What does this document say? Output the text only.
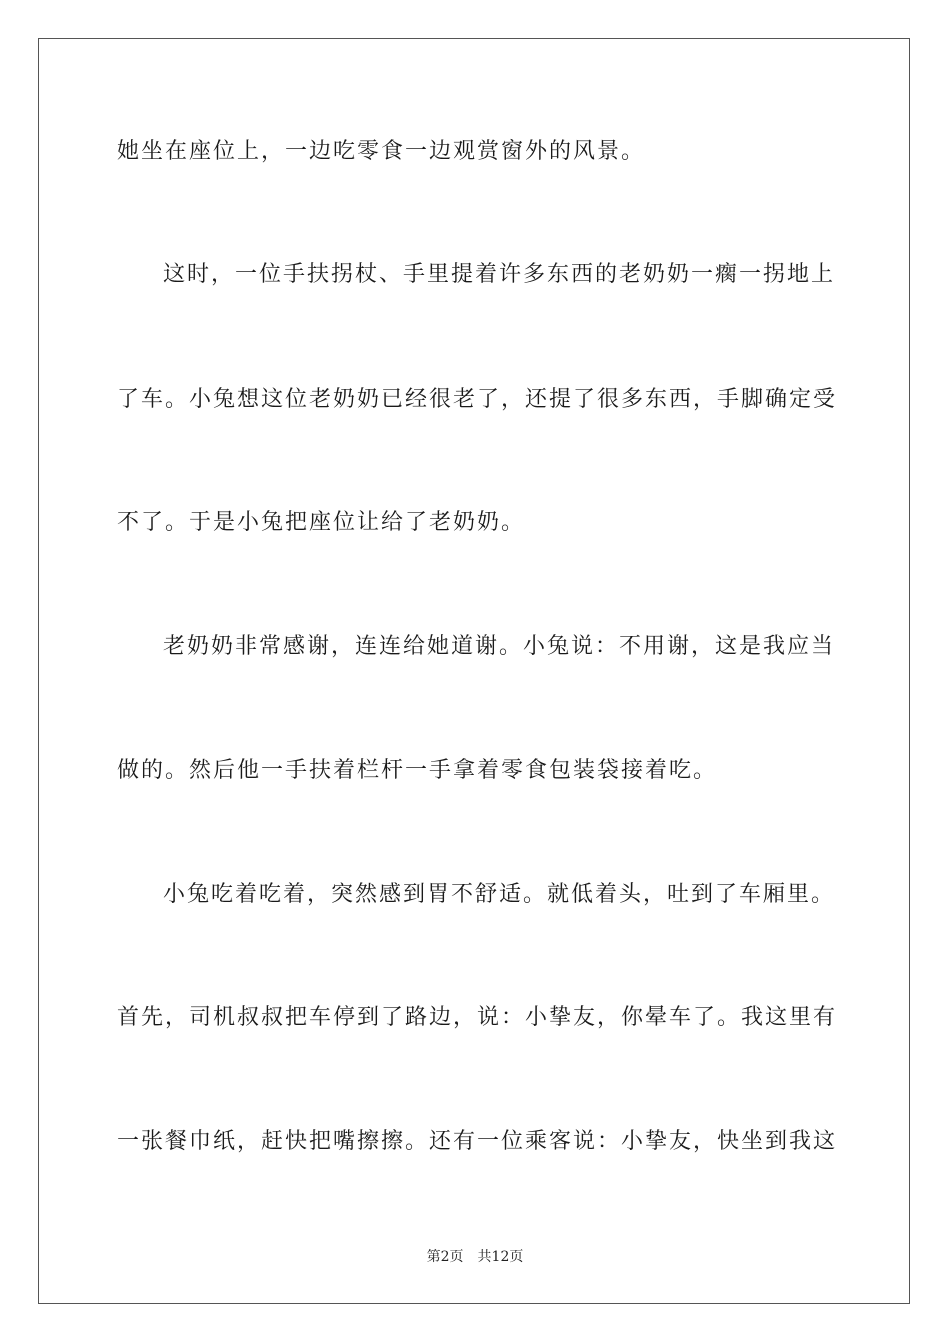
她坐在座位上，一边吃零食一边观赏窗外的风景。
这时，一位手扶拐杖、手里提着许多东西的老奶奶一瘸一拐地上
了车。小兔想这位老奶奶已经很老了，还提了很多东西，手脚确定受
不了。于是小兔把座位让给了老奶奶。
老奶奶非常感谢，连连给她道谢。小兔说：不用谢，这是我应当
做的。然后他一手扶着栏杆一手拿着零食包装袋接着吃。
小兔吃着吃着，突然感到胃不舒适。就低着头，吐到了车厢里。
首先，司机叔叔把车停到了路边，说：小挚友，你晕车了。我这里有
一张餐巾纸，赶快把嘴擦擦。还有一位乘客说：小挚友，快坐到我这
第2页 共12页
